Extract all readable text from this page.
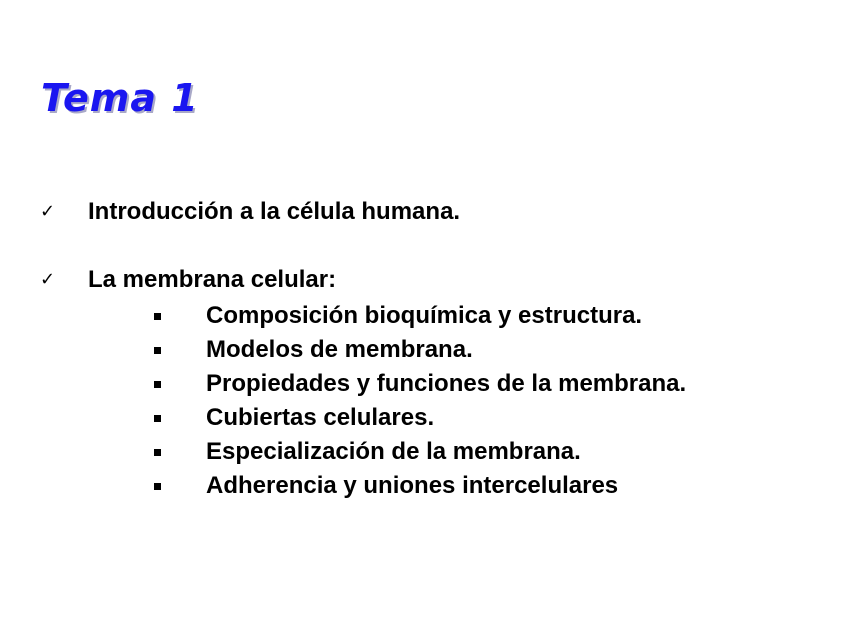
Tema 1
✓	Introducción a la célula humana.
✓	La membrana celular:
Composición bioquímica y estructura.
Modelos de membrana.
Propiedades y funciones de la membrana.
Cubiertas celulares.
Especialización de la membrana.
Adherencia y uniones intercelulares
